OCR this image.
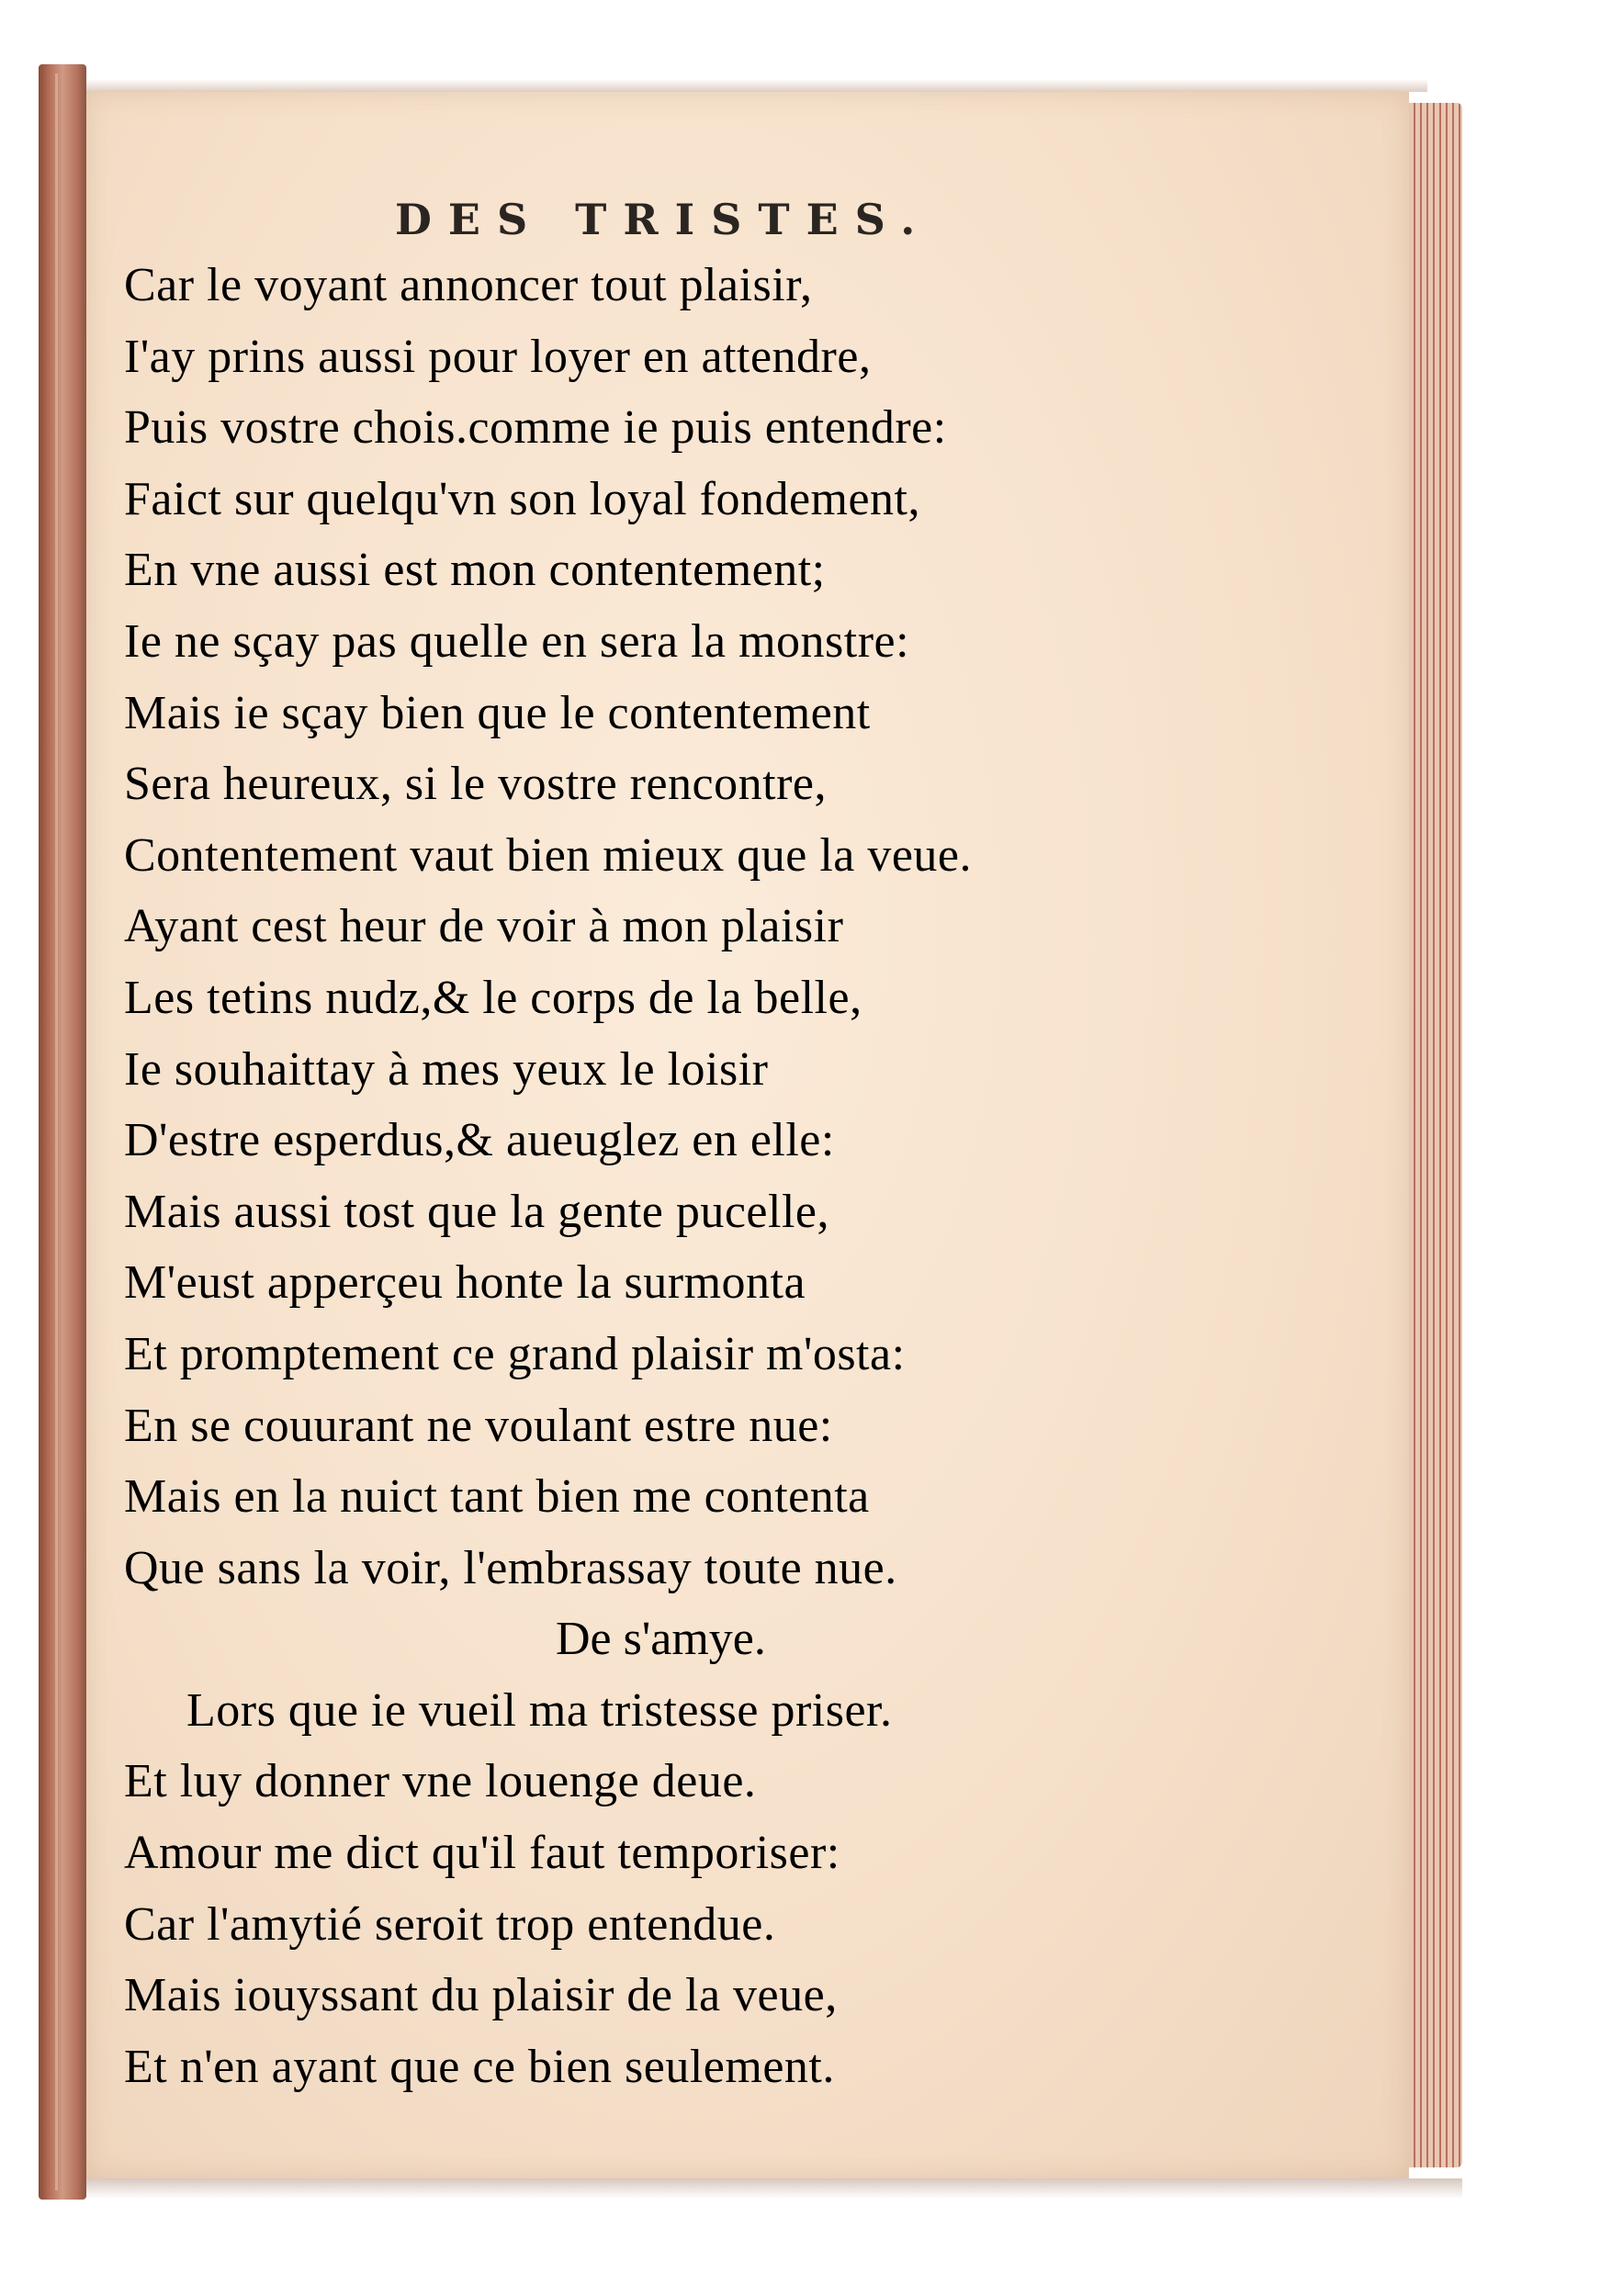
DES TRISTES.
Car le voyant annoncer tout plaisir,
I'ay prins aussi pour loyer en attendre,
Puis vostre chois.comme ie puis entendre:
Faict sur quelqu'vn son loyal fondement,
En vne aussi est mon contentement;
Ie ne sçay pas quelle en sera la monstre:
Mais ie sçay bien que le contentement
Sera heureux, si le vostre rencontre,
Contentement vaut bien mieux que la veue.
Ayant cest heur de voir à mon plaisir
Les tetins nudz,& le corps de la belle,
Ie souhaittay à mes yeux le loisir
D'estre esperdus,& aueuglez en elle:
Mais aussi tost que la gente pucelle,
M'eust apperçeu honte la surmonta
Et promptement ce grand plaisir m'osta:
En se couurant ne voulant estre nue:
Mais en la nuict tant bien me contenta
Que sans la voir, l'embrassay toute nue.
De s'amye.
Lors que ie vueil ma tristesse priser.
Et luy donner vne louenge deue.
Amour me dict qu'il faut temporiser:
Car l'amytié seroit trop entendue.
Mais iouyssant du plaisir de la veue,
Et n'en ayant que ce bien seulement.
